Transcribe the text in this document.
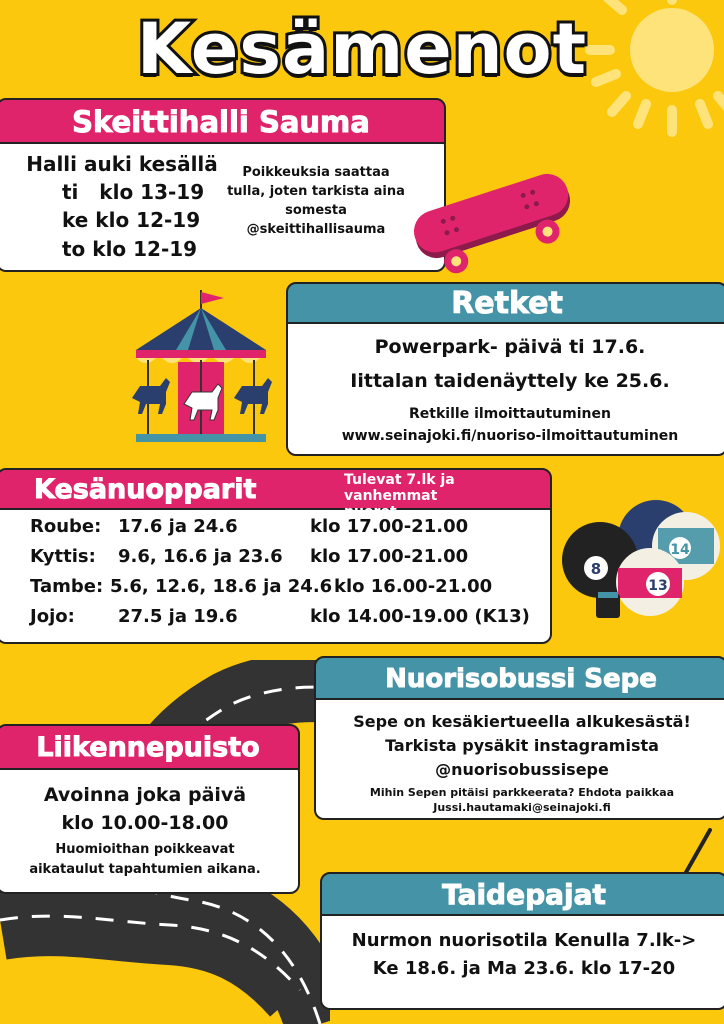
Kesämenot
Skeittihalli Sauma
Halli auki kesällä
ti   klo 13-19
ke klo 12-19
to klo 12-19
Poikkeuksia saattaa
tulla, joten tarkista aina
somesta
@skeittihallisauma
Retket
Powerpark- päivä ti 17.6.
Iittalan taidenäyttely ke 25.6.
Retkille ilmoittautuminen
www.seinajoki.fi/nuoriso-ilmoittautuminen
Kesänuopparit	Tulevat 7.lk ja
vanhemmat nuoret
Roube: 17.6 ja 24.6	klo 17.00-21.00
Kyttis: 9.6, 16.6 ja 23.6 klo 17.00-21.00
Tambe: 5.6, 12.6, 18.6 ja 24.6 klo 16.00-21.00
Jojo: 27.5 ja 19.6	klo 14.00-19.00 (K13)
8
14
13
Nuorisobussi Sepe
Sepe on kesäkiertueella alkukesästä!
Tarkista pysäkit instagramista
@nuorisobussisepe
Mihin Sepen pitäisi parkkeerata? Ehdota paikkaa
Jussi.hautamaki@seinajoki.fi
Liikennepuisto
Avoinna joka päivä
klo 10.00-18.00
Huomioithan poikkeavat
aikataulut tapahtumien aikana.
Taidepajat
Nurmon nuorisotila Kenulla 7.lk->
Ke 18.6. ja Ma 23.6. klo 17-20
